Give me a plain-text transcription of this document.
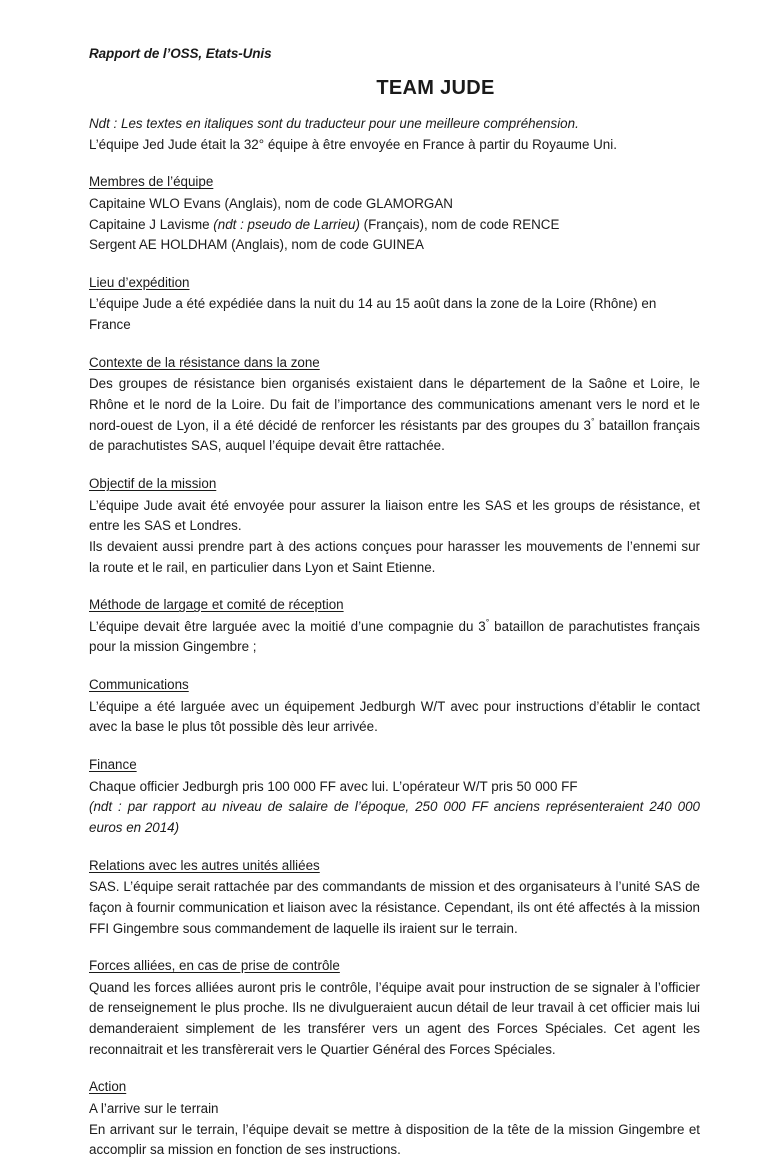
Rapport de l’OSS, Etats-Unis
TEAM JUDE

Ndt : Les textes en italiques sont du traducteur pour une meilleure compréhension.

L’équipe Jed Jude était la 32° équipe à être envoyée en France à partir du Royaume Uni.

Membres de l’équipe

Capitaine WLO Evans (Anglais), nom de code GLAMORGAN

Capitaine J Lavisme (ndt : pseudo de Larrieu) (Français), nom de code RENCE

Sergent AE HOLDHAM (Anglais), nom de code GUINEA

Lieu d’expédition

L’équipe Jude a été expédiée dans la nuit du 14 au 15 août dans la zone de la Loire (Rhône) en France

Contexte de la résistance dans la zone

Des groupes de résistance bien organisés existaient dans le département de la Saône et Loire, le Rhône et le nord de la Loire. Du fait de l’importance des communications amenant vers le nord et le nord-ouest de Lyon, il a été décidé de renforcer les résistants par des groupes du 3° bataillon français de parachutistes SAS, auquel l’équipe devait être rattachée.

Objectif de la mission

L’équipe Jude avait été envoyée pour assurer la liaison entre les SAS et les groups de résistance, et entre les SAS et Londres.

Ils devaient aussi prendre part à des actions conçues pour harasser les mouvements de l’ennemi sur la route et le rail, en particulier dans Lyon et Saint Etienne.

Méthode de largage et comité de réception

L’équipe devait être larguée avec la moitié d’une compagnie du 3° bataillon de parachutistes français pour la mission Gingembre ;

Communications

L’équipe a été larguée avec un équipement Jedburgh W/T avec pour instructions d’établir le contact avec la base le plus tôt possible dès leur arrivée.

Finance

Chaque officier Jedburgh pris 100 000 FF avec lui. L’opérateur W/T pris 50 000 FF

(ndt : par rapport au niveau de salaire de l’époque, 250 000 FF anciens représenteraient 240 000 euros en 2014)

Relations avec les autres unités alliées

SAS. L’équipe serait rattachée par des commandants de mission et des organisateurs à l’unité SAS de façon à fournir communication et liaison avec la résistance. Cependant, ils ont été affectés à la mission FFI Gingembre sous commandement de laquelle ils iraient sur le terrain.

Forces alliées, en cas de prise de contrôle

Quand les forces alliées auront pris le contrôle, l’équipe avait pour instruction de se signaler à l’officier de renseignement le plus proche. Ils ne divulgueraient aucun détail de leur travail à cet officier mais lui demanderaient simplement de les transférer vers un agent des Forces Spéciales. Cet agent les reconnaitrait et les transfèrerait vers le Quartier Général des Forces Spéciales.

Action

A l’arrive sur le terrain

En arrivant sur le terrain, l’équipe devait se mettre à disposition de la tête de la mission Gingembre et accomplir sa mission en fonction de ses instructions.
